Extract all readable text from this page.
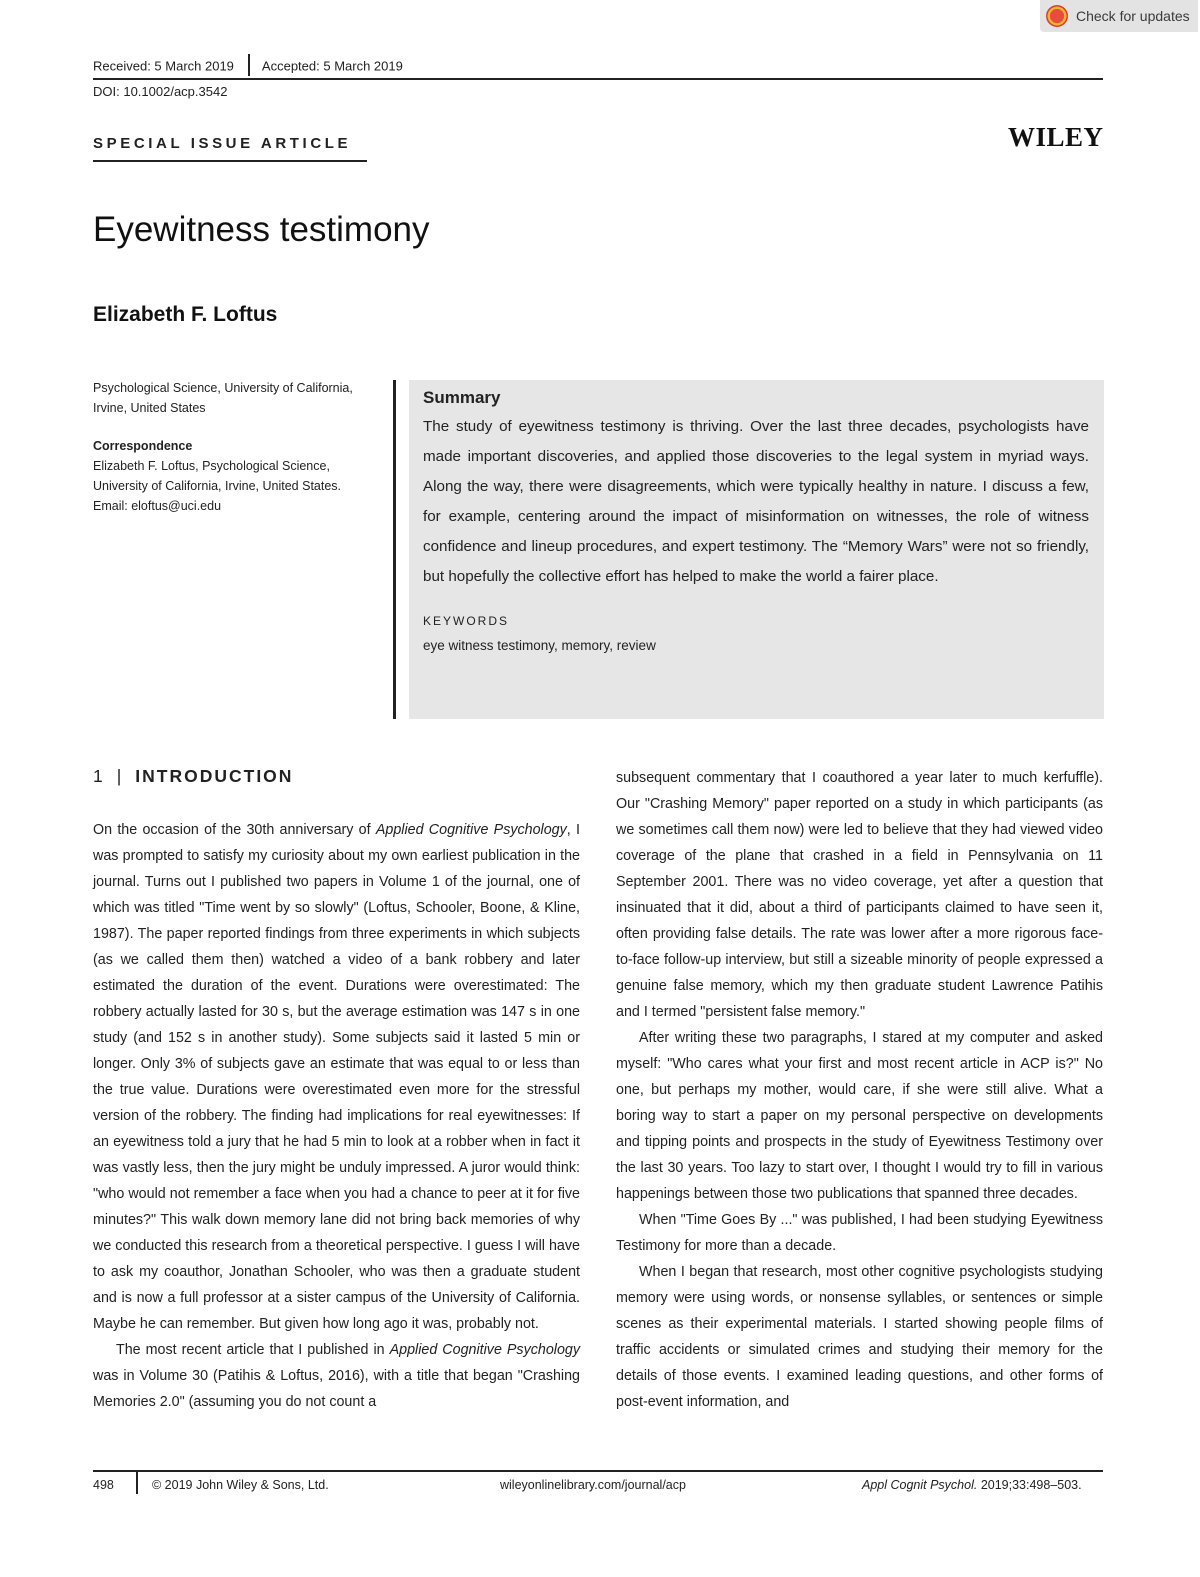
Check for updates
Received: 5 March 2019 Accepted: 5 March 2019
DOI: 10.1002/acp.3542
SPECIAL ISSUE ARTICLE	WILEY
Eyewitness testimony
Elizabeth F. Loftus
Psychological Science, University of California,
Irvine, United States
Correspondence
Elizabeth F. Loftus, Psychological Science,
University of California, Irvine, United States.
Email: eloftus@uci.edu
Summary

The study of eyewitness testimony is thriving. Over the last three decades, psychologists have made important discoveries, and applied those discoveries to the legal system in myriad ways. Along the way, there were disagreements, which were typically healthy in nature. I discuss a few, for example, centering around the impact of misinformation on witnesses, the role of witness confidence and lineup procedures, and expert testimony. The “Memory Wars” were not so friendly, but hopefully the collective effort has helped to make the world a fairer place.

KEYWORDS
eye witness testimony, memory, review
1 | INTRODUCTION

On the occasion of the 30th anniversary of Applied Cognitive Psychology, I was prompted to satisfy my curiosity about my own earliest publication in the journal. Turns out I published two papers in Volume 1 of the journal, one of which was titled "Time went by so slowly" (Loftus, Schooler, Boone, & Kline, 1987). The paper reported findings from three experiments in which subjects (as we called them then) watched a video of a bank robbery and later estimated the duration of the event. Durations were overestimated: The robbery actually lasted for 30 s, but the average estimation was 147 s in one study (and 152 s in another study). Some subjects said it lasted 5 min or longer. Only 3% of subjects gave an estimate that was equal to or less than the true value. Durations were overestimated even more for the stressful version of the robbery. The finding had implications for real eyewitnesses: If an eyewitness told a jury that he had 5 min to look at a robber when in fact it was vastly less, then the jury might be unduly impressed. A juror would think: "who would not remember a face when you had a chance to peer at it for five minutes?" This walk down memory lane did not bring back memories of why we conducted this research from a theoretical perspective. I guess I will have to ask my coauthor, Jonathan Schooler, who was then a graduate student and is now a full professor at a sister campus of the University of California. Maybe he can remember. But given how long ago it was, probably not.

The most recent article that I published in Applied Cognitive Psychology was in Volume 30 (Patihis & Loftus, 2016), with a title that began "Crashing Memories 2.0" (assuming you do not count a

subsequent commentary that I coauthored a year later to much kerfuffle). Our "Crashing Memory" paper reported on a study in which participants (as we sometimes call them now) were led to believe that they had viewed video coverage of the plane that crashed in a field in Pennsylvania on 11 September 2001. There was no video coverage, yet after a question that insinuated that it did, about a third of participants claimed to have seen it, often providing false details. The rate was lower after a more rigorous face-to-face follow-up interview, but still a sizeable minority of people expressed a genuine false memory, which my then graduate student Lawrence Patihis and I termed "persistent false memory."

After writing these two paragraphs, I stared at my computer and asked myself: "Who cares what your first and most recent article in ACP is?" No one, but perhaps my mother, would care, if she were still alive. What a boring way to start a paper on my personal perspective on developments and tipping points and prospects in the study of Eyewitness Testimony over the last 30 years. Too lazy to start over, I thought I would try to fill in various happenings between those two publications that spanned three decades.

When "Time Goes By ..." was published, I had been studying Eyewitness Testimony for more than a decade.

When I began that research, most other cognitive psychologists studying memory were using words, or nonsense syllables, or sentences or simple scenes as their experimental materials. I started showing people films of traffic accidents or simulated crimes and studying their memory for the details of those events. I examined leading questions, and other forms of post-event information, and

498	© 2019 John Wiley & Sons, Ltd.	wileyonlinelibrary.com/journal/acp	Appl Cognit Psychol. 2019;33:498–503.
